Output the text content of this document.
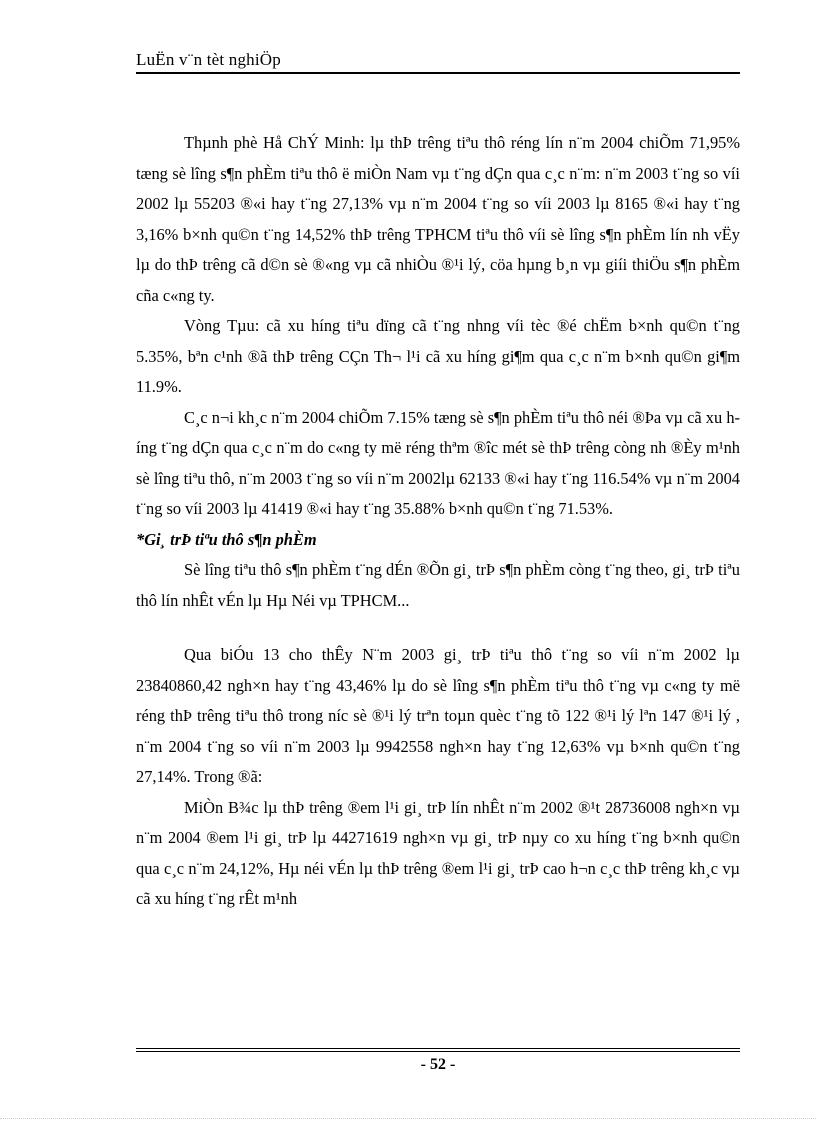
LuËn v¨n tèt nghiÖp

Thµnh phè Hå ChÝ Minh: lµ thÞ trêng tiªu thô réng lín n¨m 2004 chiÕm 71,95% tæng sè lîng s¶n phÈm tiªu thô ë miÒn Nam vµ t¨ng dÇn qua c¸c n¨m: n¨m 2003 t¨ng so víi 2002 lµ 55203 ®«i hay t¨ng 27,13% vµ n¨m 2004 t¨ng so víi 2003 lµ 8165 ®«i hay t¨ng 3,16% b×nh qu©n t¨ng 14,52% thÞ trêng TPHCM tiªu thô víi sè lîng s¶n phÈm lín nh vËy lµ do thÞ trêng cã d©n sè ®«ng vµ cã nhiÒu ®¹i lý, cöa hµng b¸n vµ giíi thiÖu s¶n phÈm cña c«ng ty.

Vòng Tµu: cã xu híng tiªu dïng cã t¨ng nhng víi tèc ®é chËm b×nh qu©n t¨ng 5.35%, bªn c¹nh ®ã thÞ trêng CÇn Th¬ l¹i cã xu híng gi¶m qua c¸c n¨m b×nh qu©n gi¶m 11.9%.

C¸c n¬i kh¸c n¨m 2004 chiÕm 7.15% tæng sè s¶n phÈm tiªu thô néi ®Þa vµ cã xu híng t¨ng dÇn qua c¸c n¨m do c«ng ty më réng thªm ®îc mét sè thÞ trêng còng nh ®Èy m¹nh sè lîng tiªu thô, n¨m 2003 t¨ng so víi n¨m 2002lµ 62133 ®«i hay t¨ng 116.54% vµ n¨m 2004 t¨ng so víi 2003 lµ 41419 ®«i hay t¨ng 35.88% b×nh qu©n t¨ng 71.53%.

*Gi¸ trÞ tiªu thô s¶n phÈm

Sè lîng tiªu thô s¶n phÈm t¨ng dÉn ®Õn gi¸ trÞ s¶n phÈm còng t¨ng theo, gi¸ trÞ tiªu thô lín nhÊt vÉn lµ Hµ Néi vµ TPHCM...

Qua biÓu 13 cho thÊy N¨m 2003 gi¸ trÞ tiªu thô t¨ng so víi n¨m 2002 lµ 23840860,42 ngh×n hay t¨ng 43,46% lµ do sè lîng s¶n phÈm tiªu thô t¨ng vµ c«ng ty më réng thÞ trêng tiªu thô trong níc sè ®¹i lý trªn toµn quèc t¨ng tõ 122 ®¹i lý lªn 147 ®¹i lý , n¨m 2004 t¨ng so víi n¨m 2003 lµ 9942558 ngh×n hay t¨ng 12,63% vµ b×nh qu©n t¨ng 27,14%. Trong ®ã:

MiÒn B¾c lµ thÞ trêng ®em l¹i gi¸ trÞ lín nhÊt n¨m 2002 ®¹t 28736008 ngh×n vµ n¨m 2004 ®em l¹i gi¸ trÞ lµ 44271619 ngh×n vµ gi¸ trÞ nµy co xu híng t¨ng b×nh qu©n qua c¸c n¨m 24,12%, Hµ néi vÉn lµ thÞ trêng ®em l¹i gi¸ trÞ cao h¬n c¸c thÞ trêng kh¸c vµ cã xu híng t¨ng rÊt m¹nh

- 52 -
